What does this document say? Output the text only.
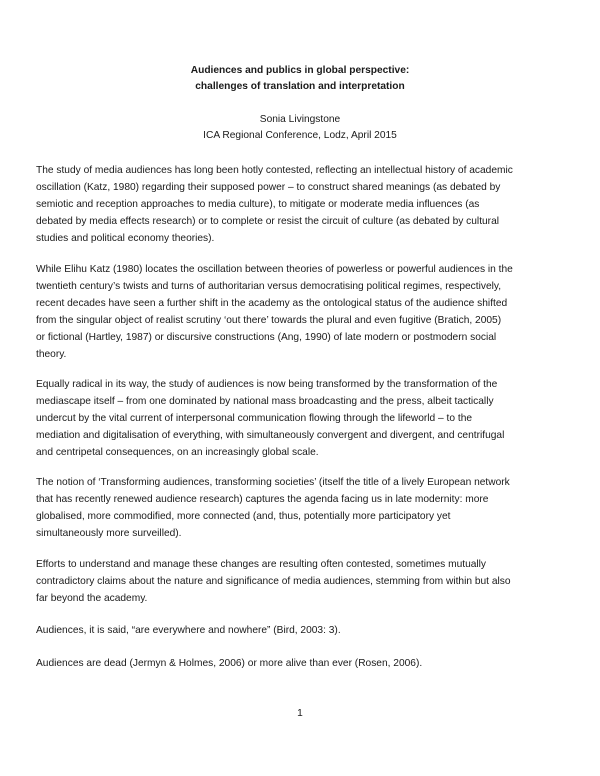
Audiences and publics in global perspective:
challenges of translation and interpretation
Sonia Livingstone
ICA Regional Conference, Lodz, April 2015
The study of media audiences has long been hotly contested, reflecting an intellectual history of academic
oscillation (Katz, 1980) regarding their supposed power – to construct shared meanings (as debated by
semiotic and reception approaches to media culture), to mitigate or moderate media influences (as
debated by media effects research) or to complete or resist the circuit of culture (as debated by cultural
studies and political economy theories).
While Elihu Katz (1980) locates the oscillation between theories of powerless or powerful audiences in the
twentieth century’s twists and turns of authoritarian versus democratising political regimes, respectively,
recent decades have seen a further shift in the academy as the ontological status of the audience shifted
from the singular object of realist scrutiny ‘out there’ towards the plural and even fugitive (Bratich, 2005)
or fictional (Hartley, 1987) or discursive constructions (Ang, 1990) of late modern or postmodern social
theory.
Equally radical in its way, the study of audiences is now being transformed by the transformation of the
mediascape itself – from one dominated by national mass broadcasting and the press, albeit tactically
undercut by the vital current of interpersonal communication flowing through the lifeworld – to the
mediation and digitalisation of everything, with simultaneously convergent and divergent, and centrifugal
and centripetal consequences, on an increasingly global scale.
The notion of ‘Transforming audiences, transforming societies’ (itself the title of a lively European network
that has recently renewed audience research) captures the agenda facing us in late modernity: more
globalised, more commodified, more connected (and, thus, potentially more participatory yet
simultaneously more surveilled).
Efforts to understand and manage these changes are resulting often contested, sometimes mutually
contradictory claims about the nature and significance of media audiences, stemming from within but also
far beyond the academy.
Audiences, it is said, “are everywhere and nowhere” (Bird, 2003: 3).
Audiences are dead (Jermyn & Holmes, 2006) or more alive than ever (Rosen, 2006).
1
